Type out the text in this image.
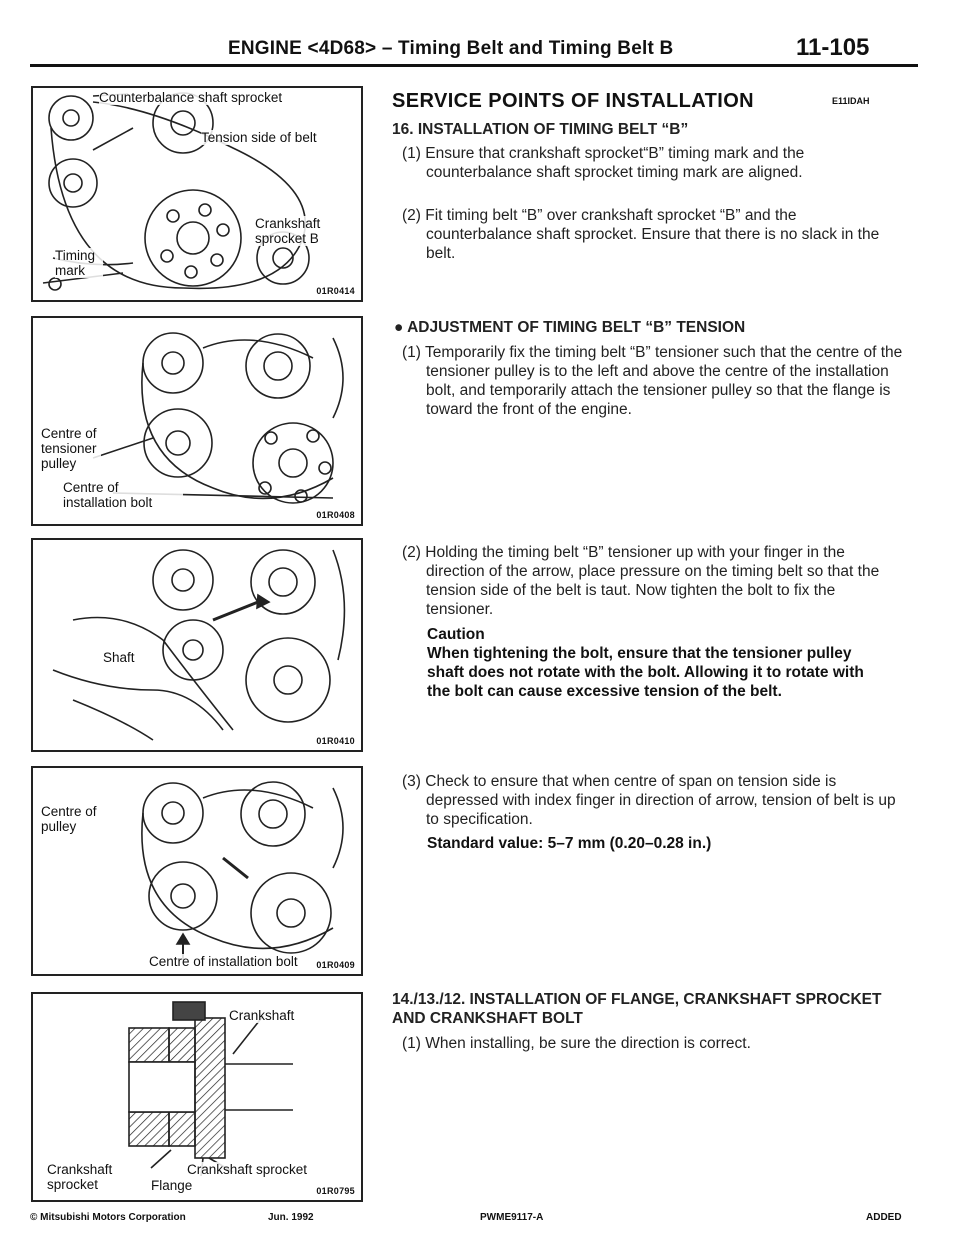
ENGINE <4D68> – Timing Belt and Timing Belt B	11-105
Counterbalance shaft sprocket
Tension side of belt
Crankshaft sprocket B
Timing mark
01R0414
Centre of tensioner pulley
Centre of installation bolt
01R0408
Shaft
01R0410
Centre of pulley
Centre of installation bolt 01R0409
Crankshaft
Crankshaft sprocket
Crankshaft sprocket
Flange	01R0795
SERVICE POINTS OF INSTALLATION	E11IDAH
16. INSTALLATION OF TIMING BELT “B”
(1) Ensure that crankshaft sprocket“B” timing mark and the counterbalance shaft sprocket timing mark are aligned.
(2) Fit timing belt “B” over crankshaft sprocket “B” and the counterbalance shaft sprocket. Ensure that there is no slack in the belt.
● ADJUSTMENT OF TIMING BELT “B” TENSION
(1) Temporarily fix the timing belt “B” tensioner such that the centre of the tensioner pulley is to the left and above the centre of the installation bolt, and temporarily attach the tensioner pulley so that the flange is toward the front of the engine.
(2) Holding the timing belt “B” tensioner up with your finger in the direction of the arrow, place pressure on the timing belt so that the tension side of the belt is taut. Now tighten the bolt to fix the tensioner.
Caution
When tightening the bolt, ensure that the tensioner pulley shaft does not rotate with the bolt. Allowing it to rotate with the bolt can cause excessive tension of the belt.
(3) Check to ensure that when centre of span on tension side is depressed with index finger in direction of arrow, tension of belt is up to specification.
Standard value: 5–7 mm (0.20–0.28 in.)
14./13./12. INSTALLATION OF FLANGE, CRANKSHAFT SPROCKET AND CRANKSHAFT BOLT
(1) When installing, be sure the direction is correct.
© Mitsubishi Motors Corporation	Jun. 1992	PWME9117-A	ADDED
